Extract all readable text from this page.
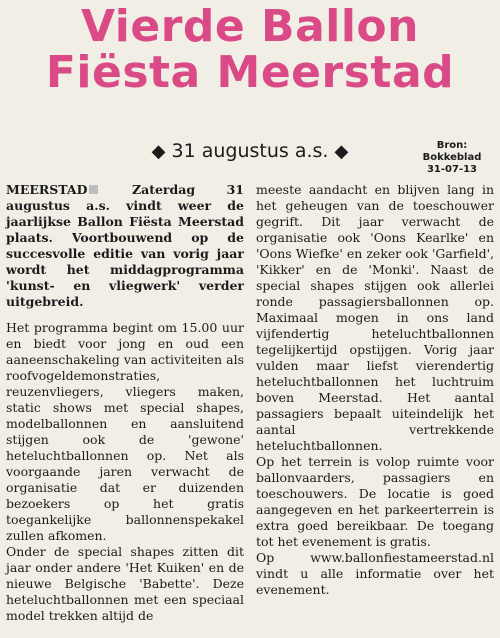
Vierde Ballon
Fiësta Meerstad
◆ 31 augustus a.s. ◆	Bron:
Bokkeblad
31-07-13

MEERSTAD	Zaterdag 31 augustus a.s. vindt weer de jaarlijkse Ballon Fiësta Meerstad plaats. Voortbouwend op de succesvolle editie van vorig jaar wordt het middagprogramma 'kunst- en vliegwerk' verder uitgebreid.

Het programma begint om 15.00 uur en biedt voor jong en oud een aaneenschakeling van activiteiten als roofvogeldemonstraties, reuzenvliegers, vliegers maken, static shows met special shapes, modelballonnen en aansluitend stijgen ook de 'gewone' heteluchtballonnen op. Net als voorgaande jaren verwacht de organisatie dat er duizenden bezoekers op het gratis toegankelijke ballonnenspekakel zullen afkomen.

Onder de special shapes zitten dit jaar onder andere 'Het Kuiken' en de nieuwe Belgische 'Babette'. Deze heteluchtballonnen met een speciaal model trekken altijd de

meeste aandacht en blijven lang in het geheugen van de toeschouwer gegrift. Dit jaar verwacht de organisatie ook 'Oons Kearlke' en 'Oons Wiefke' en zeker ook 'Garfield', 'Kikker' en de 'Monki'. Naast de special shapes stijgen ook allerlei ronde passagiersballonnen op. Maximaal mogen in ons land vijfendertig heteluchtballonnen tegelijkertijd opstijgen. Vorig jaar vulden maar liefst vierendertig heteluchtballonnen het luchtruim boven Meerstad. Het aantal passagiers bepaalt uiteindelijk het aantal vertrekkende heteluchtballonnen.

Op het terrein is volop ruimte voor ballonvaarders, passagiers en toeschouwers. De locatie is goed aangegeven en het parkeerterrein is extra goed bereikbaar. De toegang tot het evenement is gratis.

Op www.ballonfiestameerstad.nl vindt u alle informatie over het evenement.
